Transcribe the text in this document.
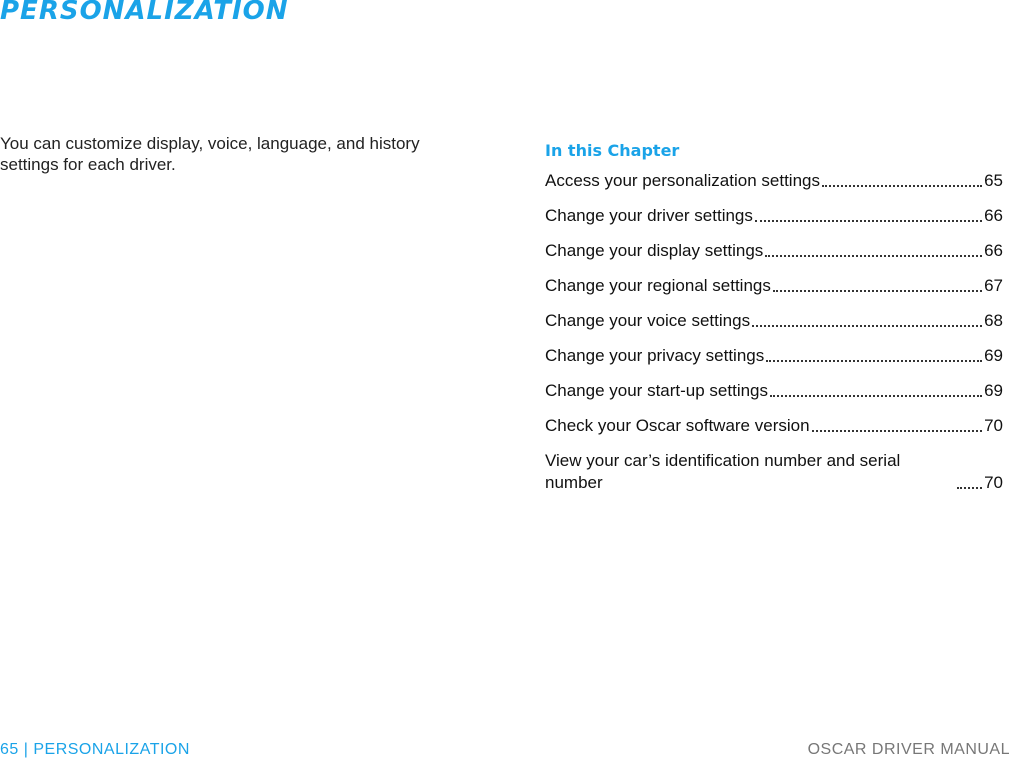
PERSONALIZATION

You can customize display, voice, language, and history settings for each driver.

In this Chapter
Access your personalization settings	65
Change your driver settings	66
Change your display settings	66
Change your regional settings	67
Change your voice settings	68
Change your privacy settings	69
Change your start-up settings	69
Check your Oscar software version	70
View your car’s identification number and serial number	70
65 | PERSONALIZATION	OSCAR DRIVER MANUAL
